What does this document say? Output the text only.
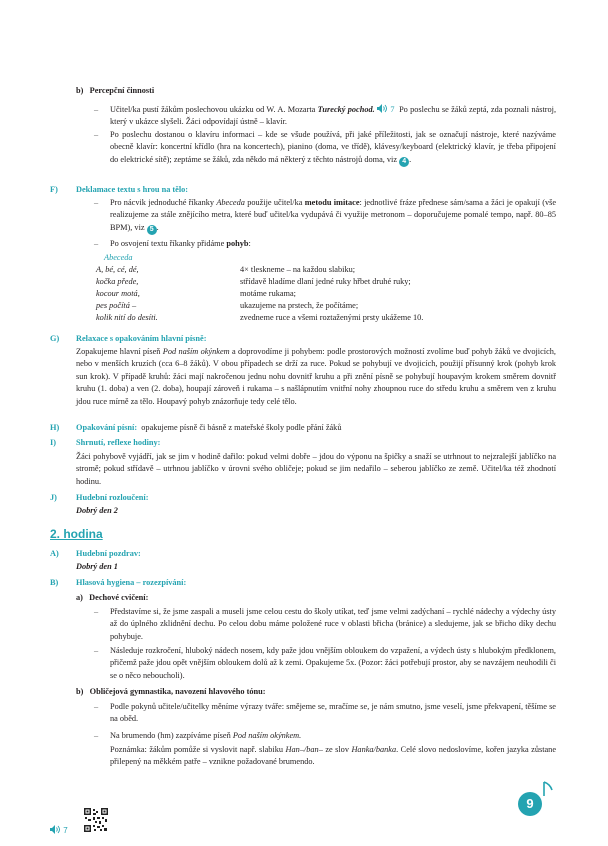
b) Percepční činnosti
– Učitel/ka pustí žákům poslechovou ukázku od W. A. Mozarta Turecký pochod. 7 Po poslechu se žáků zeptá, zda poznali nástroj, který v ukázce slyšeli. Žáci odpovídají ústně – klavír.
– Po poslechu dostanou o klavíru informaci – kde se všude používá, při jaké příležitosti, jak se označují nástroje, které nazýváme obecně klavír: koncertní křídlo (hra na koncertech), pianino (doma, ve třídě), klávesy/keyboard (elektrický klavír, je třeba připojení do elektrické sítě); zeptáme se žáků, zda někdo má některý z těchto nástrojů doma, viz 4 .
F) Deklamace textu s hrou na tělo:
– Pro nácvik jednoduché říkanky Abeceda použije učitel/ka metodu imitace: jednotlivé fráze přednese sám/sama a žáci je opakují (vše realizujeme za stále znějícího metra, které buď učitel/ka vydupává či využije metronom – doporučujeme pomalé tempo, např. 80–85 BPM), viz 5 .
– Po osvojení textu říkanky přidáme pohyb:
Abeceda
A, bé, cé, dé,	4× tleskneme – na každou slabiku;
kočka přede,	střídavě hladíme dlaní jedné ruky hřbet druhé ruky;
kocour motá,	motáme rukama;
pes počítá –	ukazujeme na prstech, že počítáme;
kolik nití do desíti.	zvedneme ruce a všemi roztaženými prsty ukážeme 10.
G) Relaxace s opakováním hlavní písně:
Zopakujeme hlavní píseň Pod naším okýnkem a doprovodíme ji pohybem: podle prostorových možností zvolíme buď pohyb žáků ve dvojicích, nebo v menších kruzích (cca 6–8 žáků). V obou případech se drží za ruce. Pokud se pohybují ve dvojicích, použijí přísunný krok (pohyb krok sun krok). V případě kruhů: žáci mají nakročenou jednu nohu dovnitř kruhu a při znění písně se pohybují houpavým krokem směrem dovnitř kruhu (1. doba) a ven (2. doba), houpají zároveň i rukama – s našlápnutím vnitřní nohy zhoupnou ruce do středu kruhu a směrem ven z kruhu jdou ruce mírně za tělo. Houpavý pohyb znázorňuje tedy celé tělo.
H) Opakování písní: opakujeme písně či básně z mateřské školy podle přání žáků
I) Shrnutí, reflexe hodiny:
Žáci pohybově vyjádří, jak se jim v hodině dařilo: pokud velmi dobře – jdou do výponu na špičky a snaží se utrhnout to nejzralejší jablíčko na stromě; pokud střídavě – utrhnou jablíčko v úrovni svého obličeje; pokud se jim nedařilo – seberou jablíčko ze země. Učitel/ka též zhodnotí hodinu.
J) Hudební rozloučení:
Dobrý den 2
2. hodina
A) Hudební pozdrav:
Dobrý den 1
B) Hlasová hygiena – rozezpívání:
a) Dechové cvičení:
– Představíme si, že jsme zaspali a museli jsme celou cestu do školy utíkat, teď jsme velmi zadýchaní – rychlé nádechy a výdechy ústy až do úplného zklidnění dechu. Po celou dobu máme položené ruce v oblasti břicha (bránice) a sledujeme, jak se břicho díky dechu pohybuje.
– Následuje rozkročení, hluboký nádech nosem, kdy paže jdou vnějším obloukem do vzpažení, a výdech ústy s hlubokým předklonem, přičemž paže jdou opět vnějším obloukem dolů až k zemi. Opakujeme 5x. (Pozor: žáci potřebují prostor, aby se navzájem neuhodili či se o něco neboucholi).
b) Obličejová gymnastika, navození hlavového tónu:
– Podle pokynů učitele/učitelky měníme výrazy tváře: smějeme se, mračíme se, je nám smutno, jsme veselí, jsme překvapení, těšíme se na oběd.
– Na brumendo (hm) zazpíváme píseň Pod naším okýnkem.
Poznámka: žákům pomůže si vyslovit např. slabiku Han–/ban– ze slov Hanka/banka. Celé slovo nedoslovíme, kořen jazyka zůstane přilepený na měkkém patře – vznikne požadované brumendo.
7
9
